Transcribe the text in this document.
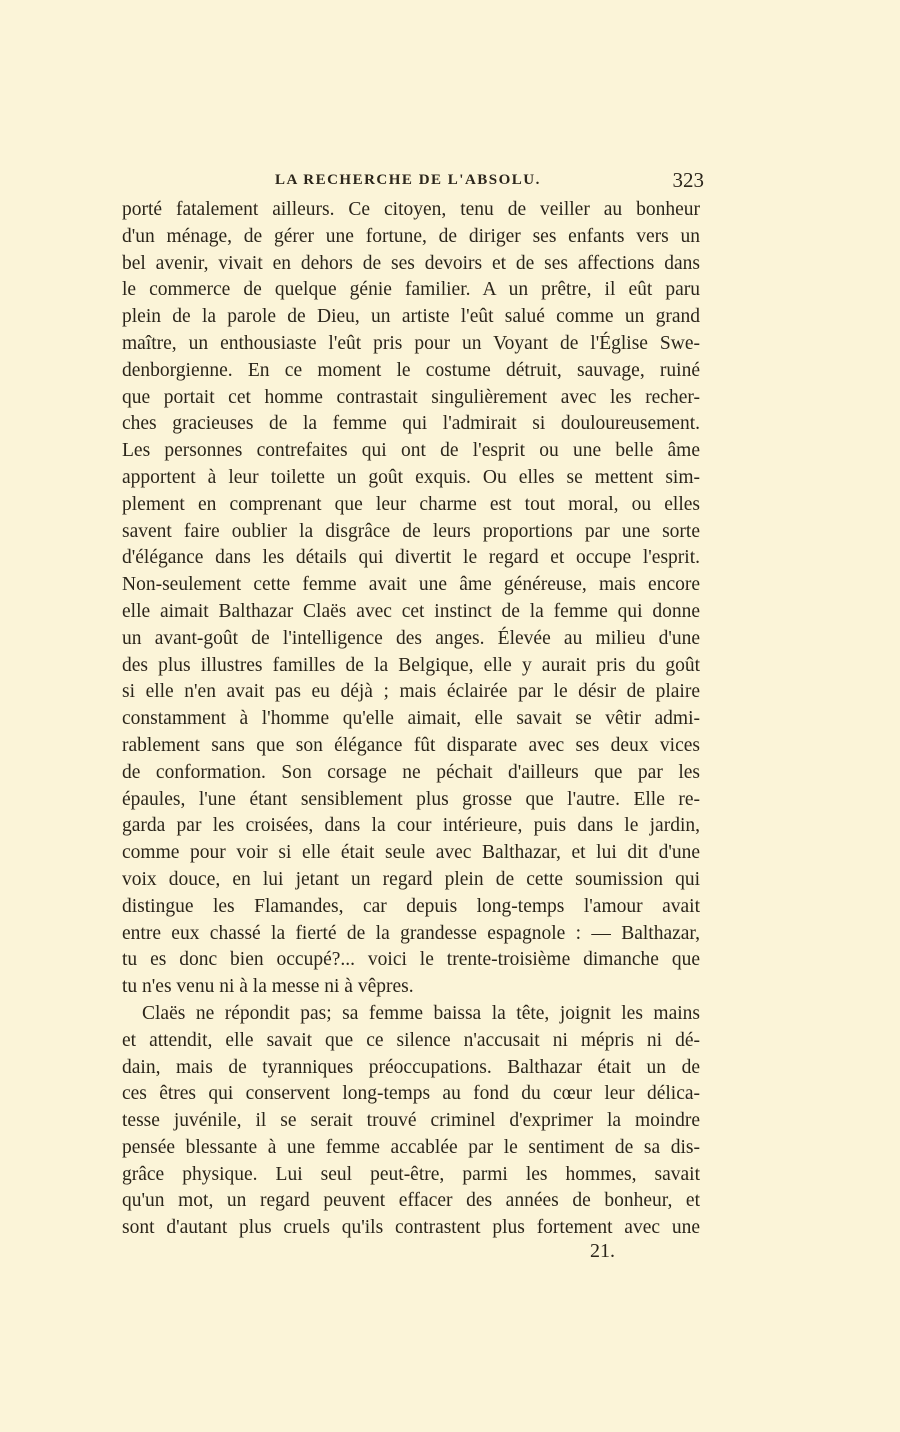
LA RECHERCHE DE L'ABSOLU.	323
porté fatalement ailleurs. Ce citoyen, tenu de veiller au bonheur
d'un ménage, de gérer une fortune, de diriger ses enfants vers un
bel avenir, vivait en dehors de ses devoirs et de ses affections dans
le commerce de quelque génie familier. A un prêtre, il eût paru
plein de la parole de Dieu, un artiste l'eût salué comme un grand
maître, un enthousiaste l'eût pris pour un Voyant de l'Église Swe-
denborgienne. En ce moment le costume détruit, sauvage, ruiné
que portait cet homme contrastait singulièrement avec les recher-
ches gracieuses de la femme qui l'admirait si douloureusement.
Les personnes contrefaites qui ont de l'esprit ou une belle âme
apportent à leur toilette un goût exquis. Ou elles se mettent sim-
plement en comprenant que leur charme est tout moral, ou elles
savent faire oublier la disgrâce de leurs proportions par une sorte
d'élégance dans les détails qui divertit le regard et occupe l'esprit.
Non-seulement cette femme avait une âme généreuse, mais encore
elle aimait Balthazar Claës avec cet instinct de la femme qui donne
un avant-goût de l'intelligence des anges. Élevée au milieu d'une
des plus illustres familles de la Belgique, elle y aurait pris du goût
si elle n'en avait pas eu déjà ; mais éclairée par le désir de plaire
constamment à l'homme qu'elle aimait, elle savait se vêtir admi-
rablement sans que son élégance fût disparate avec ses deux vices
de conformation. Son corsage ne péchait d'ailleurs que par les
épaules, l'une étant sensiblement plus grosse que l'autre. Elle re-
garda par les croisées, dans la cour intérieure, puis dans le jardin,
comme pour voir si elle était seule avec Balthazar, et lui dit d'une
voix douce, en lui jetant un regard plein de cette soumission qui
distingue les Flamandes, car depuis long-temps l'amour avait
entre eux chassé la fierté de la grandesse espagnole : — Balthazar,
tu es donc bien occupé?... voici le trente-troisième dimanche que
tu n'es venu ni à la messe ni à vêpres.
Claës ne répondit pas; sa femme baissa la tête, joignit les mains
et attendit, elle savait que ce silence n'accusait ni mépris ni dé-
dain, mais de tyranniques préoccupations. Balthazar était un de
ces êtres qui conservent long-temps au fond du cœur leur délica-
tesse juvénile, il se serait trouvé criminel d'exprimer la moindre
pensée blessante à une femme accablée par le sentiment de sa dis-
grâce physique. Lui seul peut-être, parmi les hommes, savait
qu'un mot, un regard peuvent effacer des années de bonheur, et
sont d'autant plus cruels qu'ils contrastent plus fortement avec une
21.
